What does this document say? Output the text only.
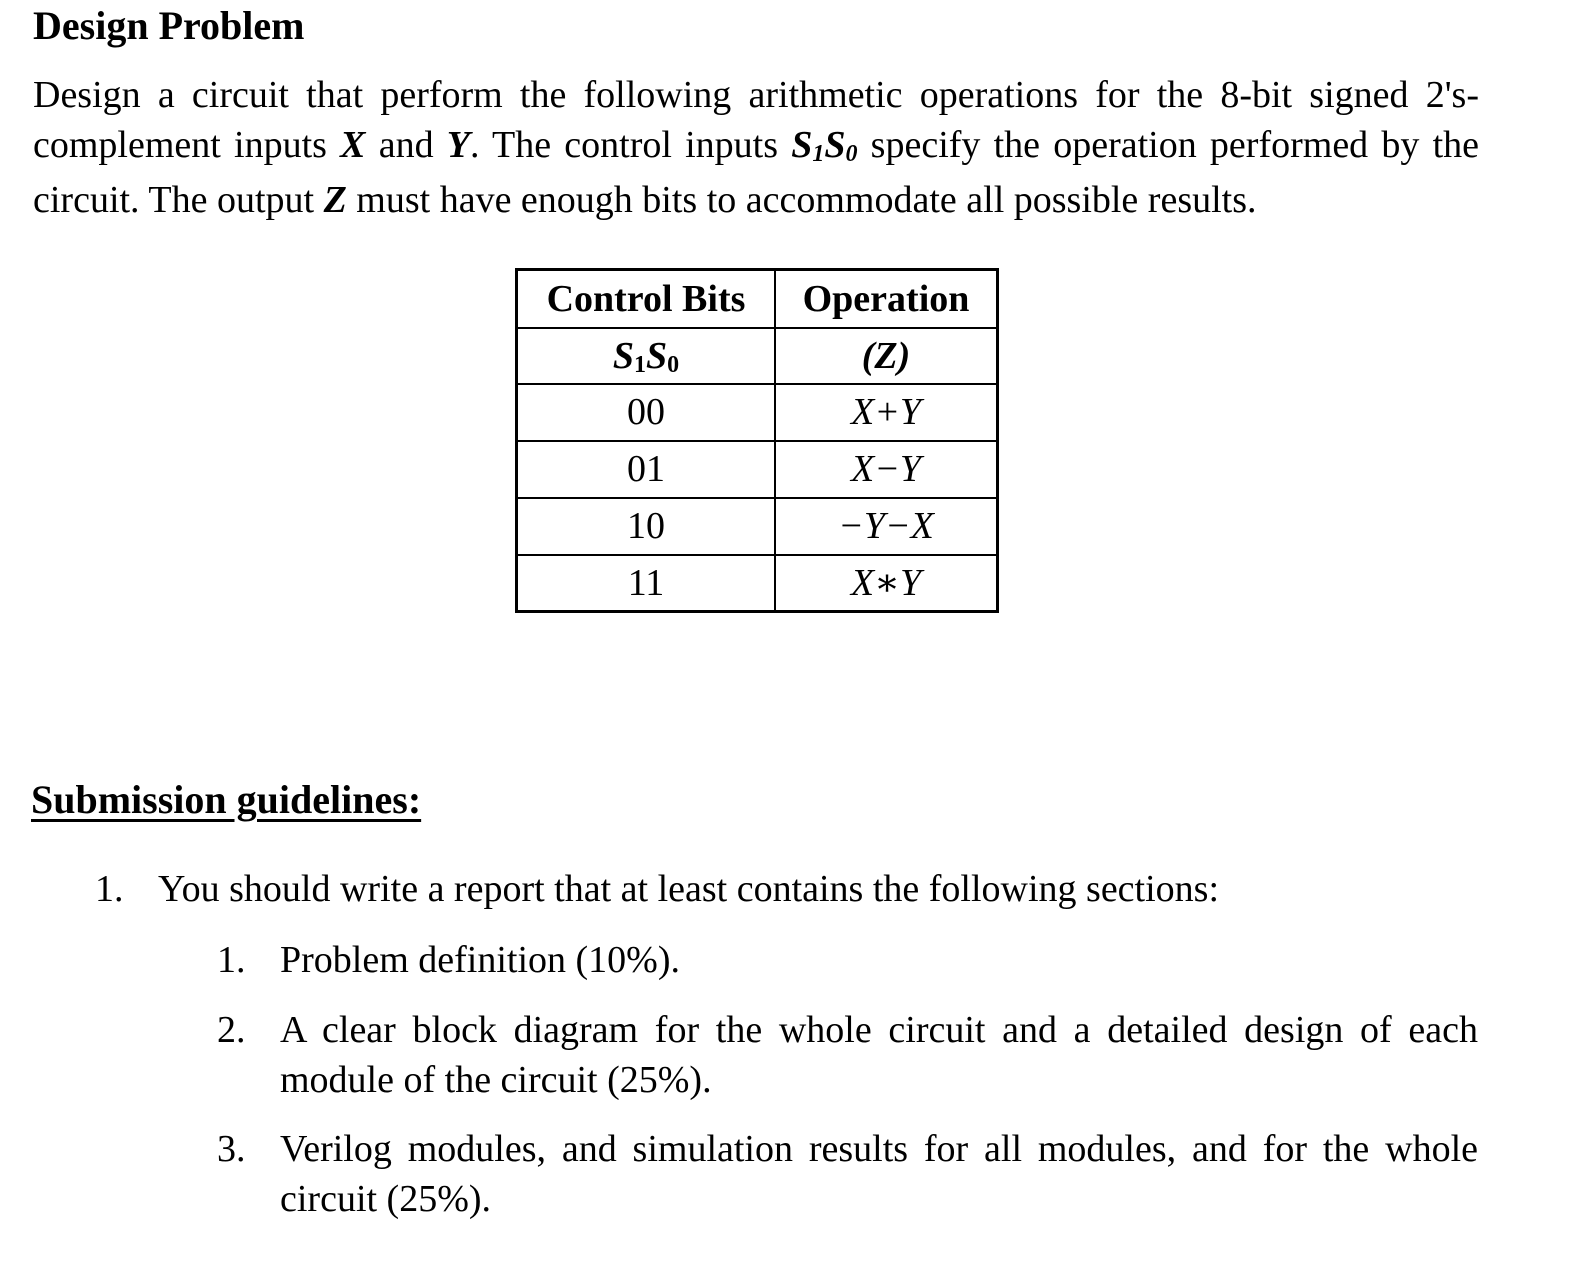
Design Problem

Design a circuit that perform the following arithmetic operations for the 8-bit signed 2's-complement inputs X and Y. The control inputs $S_1S_0$ specify the operation performed by the circuit. The output Z must have enough bits to accommodate all possible results.

Control Bits	Operation
$S_1S_0$	(Z)
00	X+Y
01	X−Y
10	−Y−X
11	X∗Y
Submission guidelines:
1. You should write a report that at least contains the following sections:
1. Problem definition (10%).
2. A clear block diagram for the whole circuit and a detailed design of each module of the circuit (25%).
3. Verilog modules, and simulation results for all modules, and for the whole circuit (25%).
